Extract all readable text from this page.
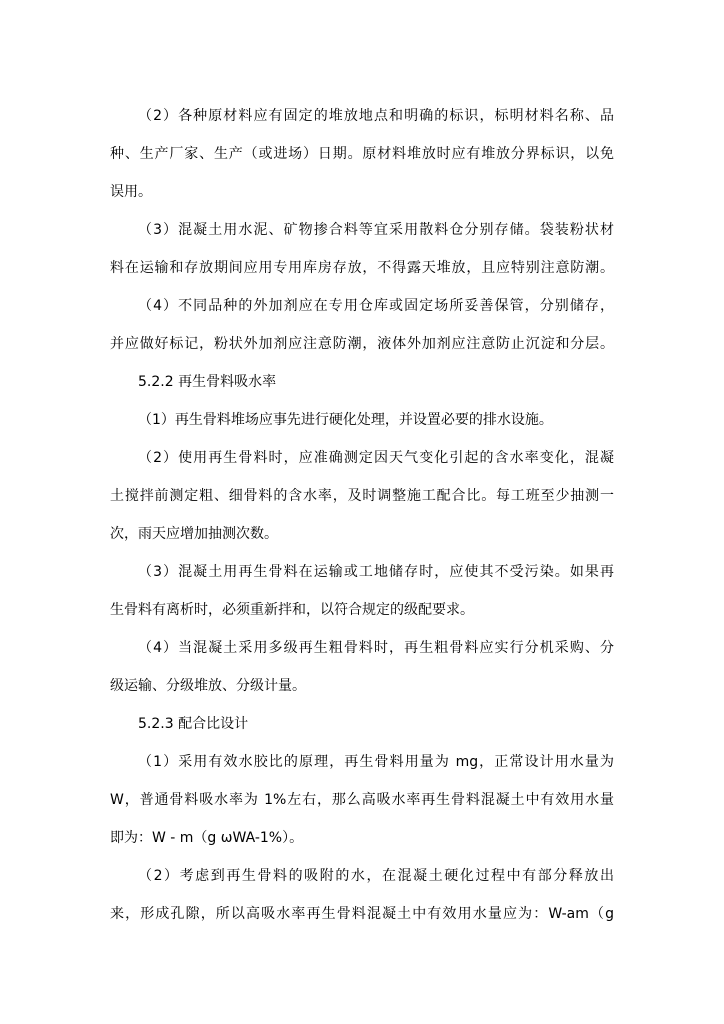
（2）各种原材料应有固定的堆放地点和明确的标识，标明材料名称、品
种、生产厂家、生产（或进场）日期。原材料堆放时应有堆放分界标识，以免
误用。
（3）混凝土用水泥、矿物掺合料等宜采用散料仓分别存储。袋装粉状材
料在运输和存放期间应用专用库房存放，不得露天堆放，且应特别注意防潮。
（4）不同品种的外加剂应在专用仓库或固定场所妥善保管，分别储存，
并应做好标记，粉状外加剂应注意防潮，液体外加剂应注意防止沉淀和分层。
5.2.2 再生骨料吸水率
（1）再生骨料堆场应事先进行硬化处理，并设置必要的排水设施。
（2）使用再生骨料时，应准确测定因天气变化引起的含水率变化，混凝
土搅拌前测定粗、细骨料的含水率，及时调整施工配合比。每工班至少抽测一
次，雨天应增加抽测次数。
（3）混凝土用再生骨料在运输或工地储存时，应使其不受污染。如果再
生骨料有离析时，必须重新拌和，以符合规定的级配要求。
（4）当混凝土采用多级再生粗骨料时，再生粗骨料应实行分机采购、分
级运输、分级堆放、分级计量。
5.2.3 配合比设计
（1）采用有效水胶比的原理，再生骨料用量为 mg，正常设计用水量为
W，普通骨料吸水率为 1%左右，那么高吸水率再生骨料混凝土中有效用水量
即为：W - m（g ωWA-1%）。
（2）考虑到再生骨料的吸附的水，在混凝土硬化过程中有部分释放出
来，形成孔隙，所以高吸水率再生骨料混凝土中有效用水量应为：W-am（g
